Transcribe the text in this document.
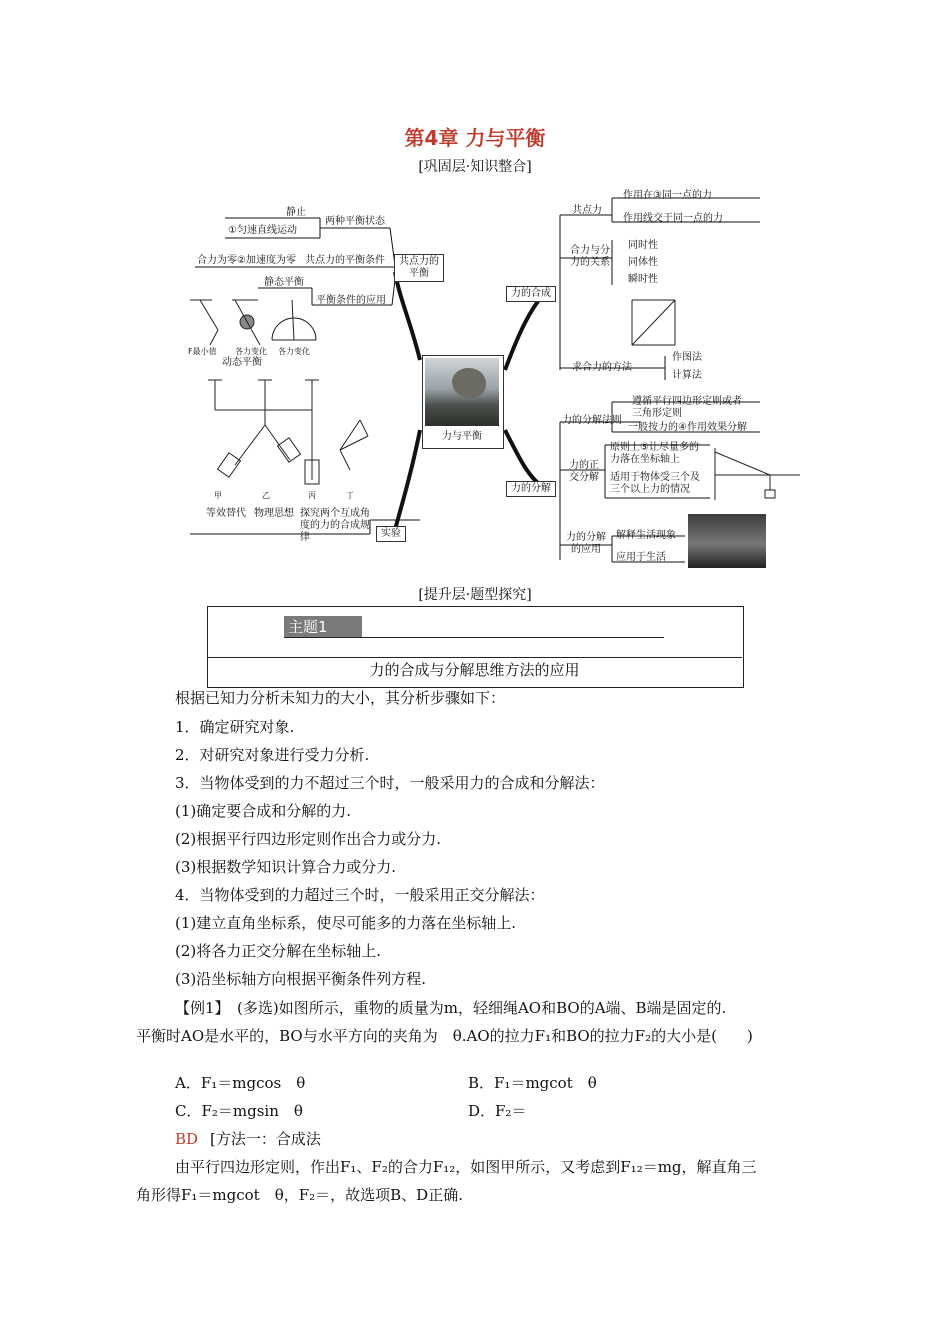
第4章 力与平衡
[巩固层·知识整合]
静止
①匀速直线运动
两种平衡状态
合力为零②加速度为零 共点力的平衡条件	共点力的平衡
静态平衡
平衡条件的应用
F最小值 各力变化 各力变化
动态平衡
甲	乙	丙	丁
等效替代 物理思想 探究两个互成角度的力的合成规律	实验
力与平衡
力的合成
共点力
作用在③同一点的力
作用线交于同一点的力
合力与分力的关系
同时性
同体性
瞬时性
求合力的方法
作图法
计算法
力的分解
力的分解法则
遵循平行四边形定则或者三角形定则
一般按力的④作用效果分解
力的正交分解
原则上⑤让尽量多的力落在坐标轴上
适用于物体受三个及三个以上力的情况
力的分解的应用
解释生活现象
应用于生活
[提升层·题型探究]
主题1
力的合成与分解思维方法的应用
根据已知力分析未知力的大小，其分析步骤如下：
1．确定研究对象.
2．对研究对象进行受力分析.
3．当物体受到的力不超过三个时，一般采用力的合成和分解法：
(1)确定要合成和分解的力.
(2)根据平行四边形定则作出合力或分力.
(3)根据数学知识计算合力或分力.
4．当物体受到的力超过三个时，一般采用正交分解法：
(1)建立直角坐标系，使尽可能多的力落在坐标轴上.
(2)将各力正交分解在坐标轴上.
(3)沿坐标轴方向根据平衡条件列方程.
【例1】　(多选)如图所示，重物的质量为m，轻细绳AO和BO的A端、B端是固定的.
平衡时AO是水平的，BO与水平方向的夹角为　θ.AO的拉力F₁和BO的拉力F₂的大小是(　　)
A．F₁＝mgcos　θ	B．F₁＝mgcot　θ
C．F₂＝mgsin　θ	D．F₂＝
BD [方法一：合成法
由平行四边形定则，作出F₁、F₂的合力F₁₂，如图甲所示，又考虑到F₁₂＝mg，解直角三
角形得F₁＝mgcot　θ，F₂＝，故选项B、D正确.
